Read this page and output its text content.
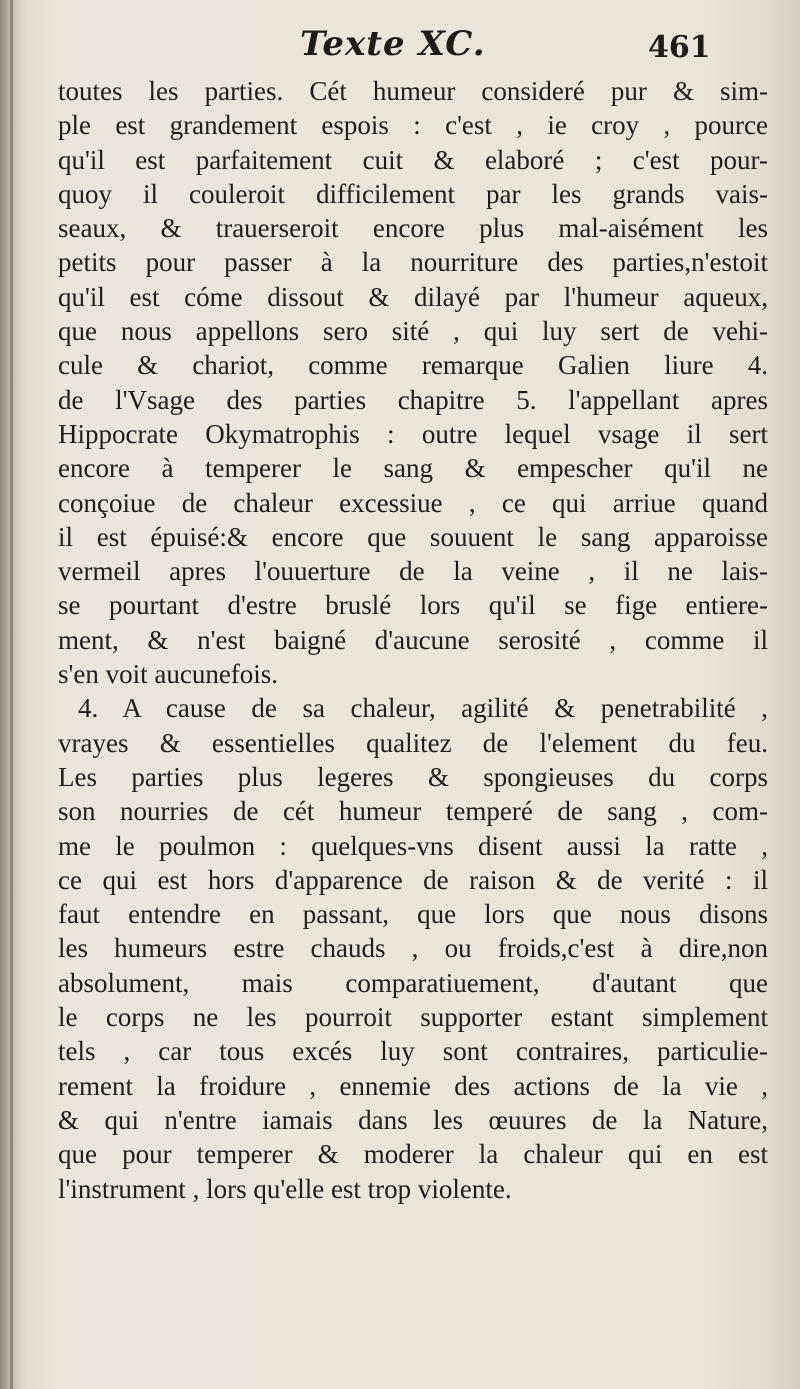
Texte XC.	461
toutes les parties. Cét humeur consideré pur & sim-
ple est grandement espois : c'est , ie croy , pource
qu'il est parfaitement cuit & elaboré ; c'est pour-
quoy il couleroit difficilement par les grands vais-
seaux, & trauerseroit encore plus mal-aisément les
petits pour passer à la nourriture des parties,n'estoit
qu'il est cóme dissout & dilayé par l'humeur aqueux,
que nous appellons sero sité , qui luy sert de vehi-
cule & chariot, comme remarque Galien liure 4.
de l'Vsage des parties chapitre 5. l'appellant apres
Hippocrate Okymatrophis : outre lequel vsage il sert
encore à temperer le sang & empescher qu'il ne
conçoiue de chaleur excessiue , ce qui arriue quand
il est épuisé:& encore que souuent le sang apparoisse
vermeil apres l'ouuerture de la veine , il ne lais-
se pourtant d'estre bruslé lors qu'il se fige entiere-
ment, & n'est baigné d'aucune serosité , comme il
s'en voit aucunefois.
4. A cause de sa chaleur, agilité & penetrabilité ,
vrayes & essentielles qualitez de l'element du feu.
Les parties plus legeres & spongieuses du corps
son nourries de cét humeur temperé de sang , com-
me le poulmon : quelques-vns disent aussi la ratte ,
ce qui est hors d'apparence de raison & de verité : il
faut entendre en passant, que lors que nous disons
les humeurs estre chauds , ou froids,c'est à dire,non
absolument, mais comparatiuement, d'autant que
le corps ne les pourroit supporter estant simplement
tels , car tous excés luy sont contraires, particulie-
rement la froidure , ennemie des actions de la vie ,
& qui n'entre iamais dans les œuures de la Nature,
que pour temperer & moderer la chaleur qui en est
l'instrument , lors qu'elle est trop violente.
